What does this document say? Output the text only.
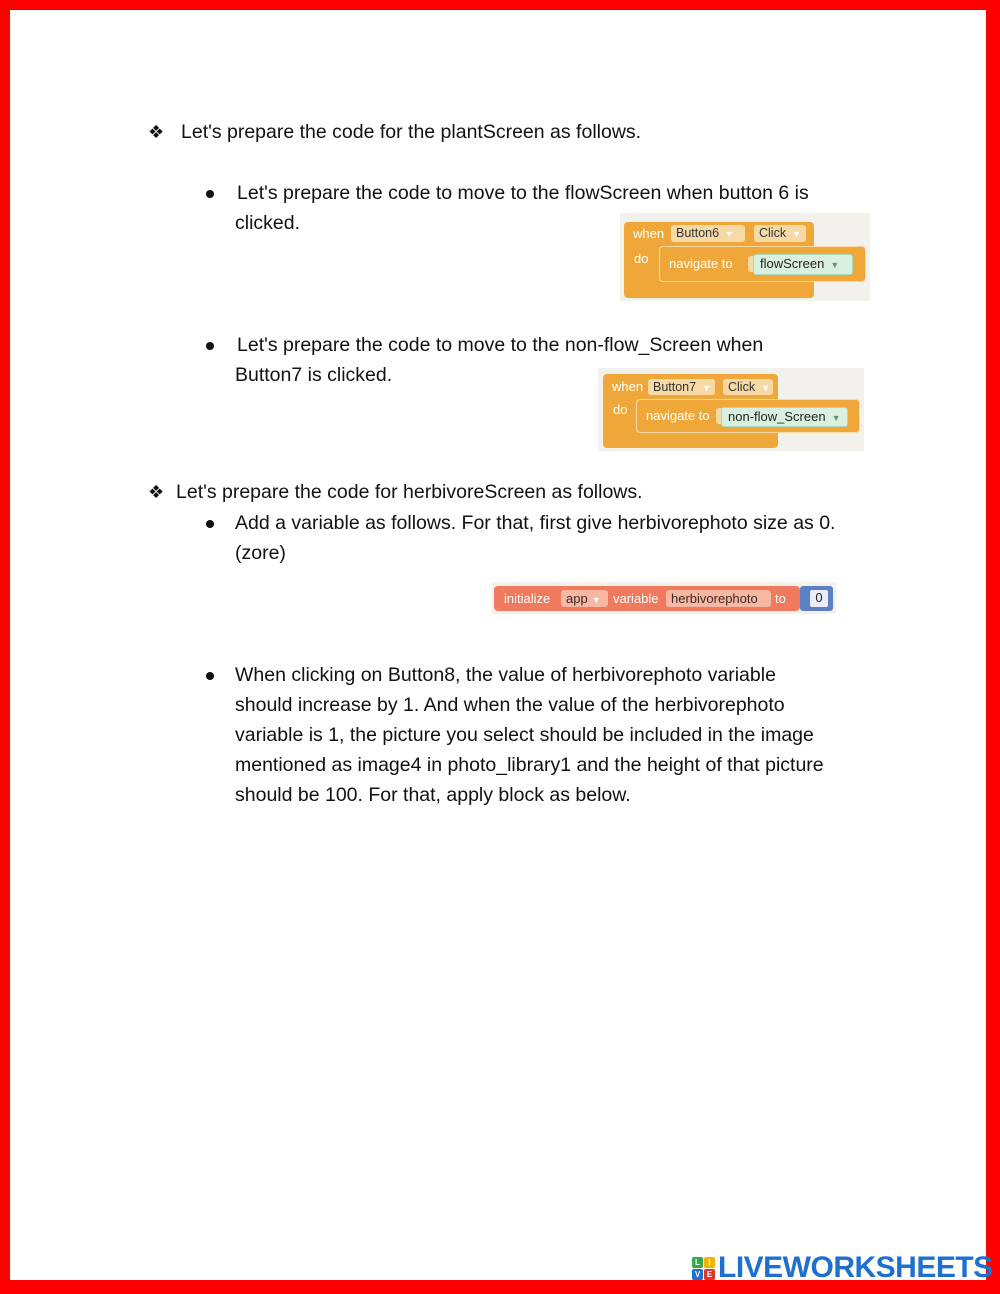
❖ Let's prepare the code for the plantScreen as follows.
Let's prepare the code to move to the flowScreen when button 6 is
clicked.	when Button6 ▼	Click ▼
do navigate to	flowScreen ▼
Let's prepare the code to move to the non-flow_Screen when
Button7 is clicked.
when Button7 ▼	Click ▼
do navigate to	non-flow_Screen ▼
❖ Let's prepare the code for herbivoreScreen as follows.
Add a variable as follows. For that, first give herbivorephoto size as 0.
(zore)
initialize	app ▼ variable herbivorephoto	to	0
When clicking on Button8, the value of herbivorephoto variable
should increase by 1. And when the value of the herbivorephoto
variable is 1, the picture you select should be included in the image
mentioned as image4 in photo_library1 and the height of that picture
should be 100. For that, apply block as below.
L	I
V E LIVEWORKSHEETS
